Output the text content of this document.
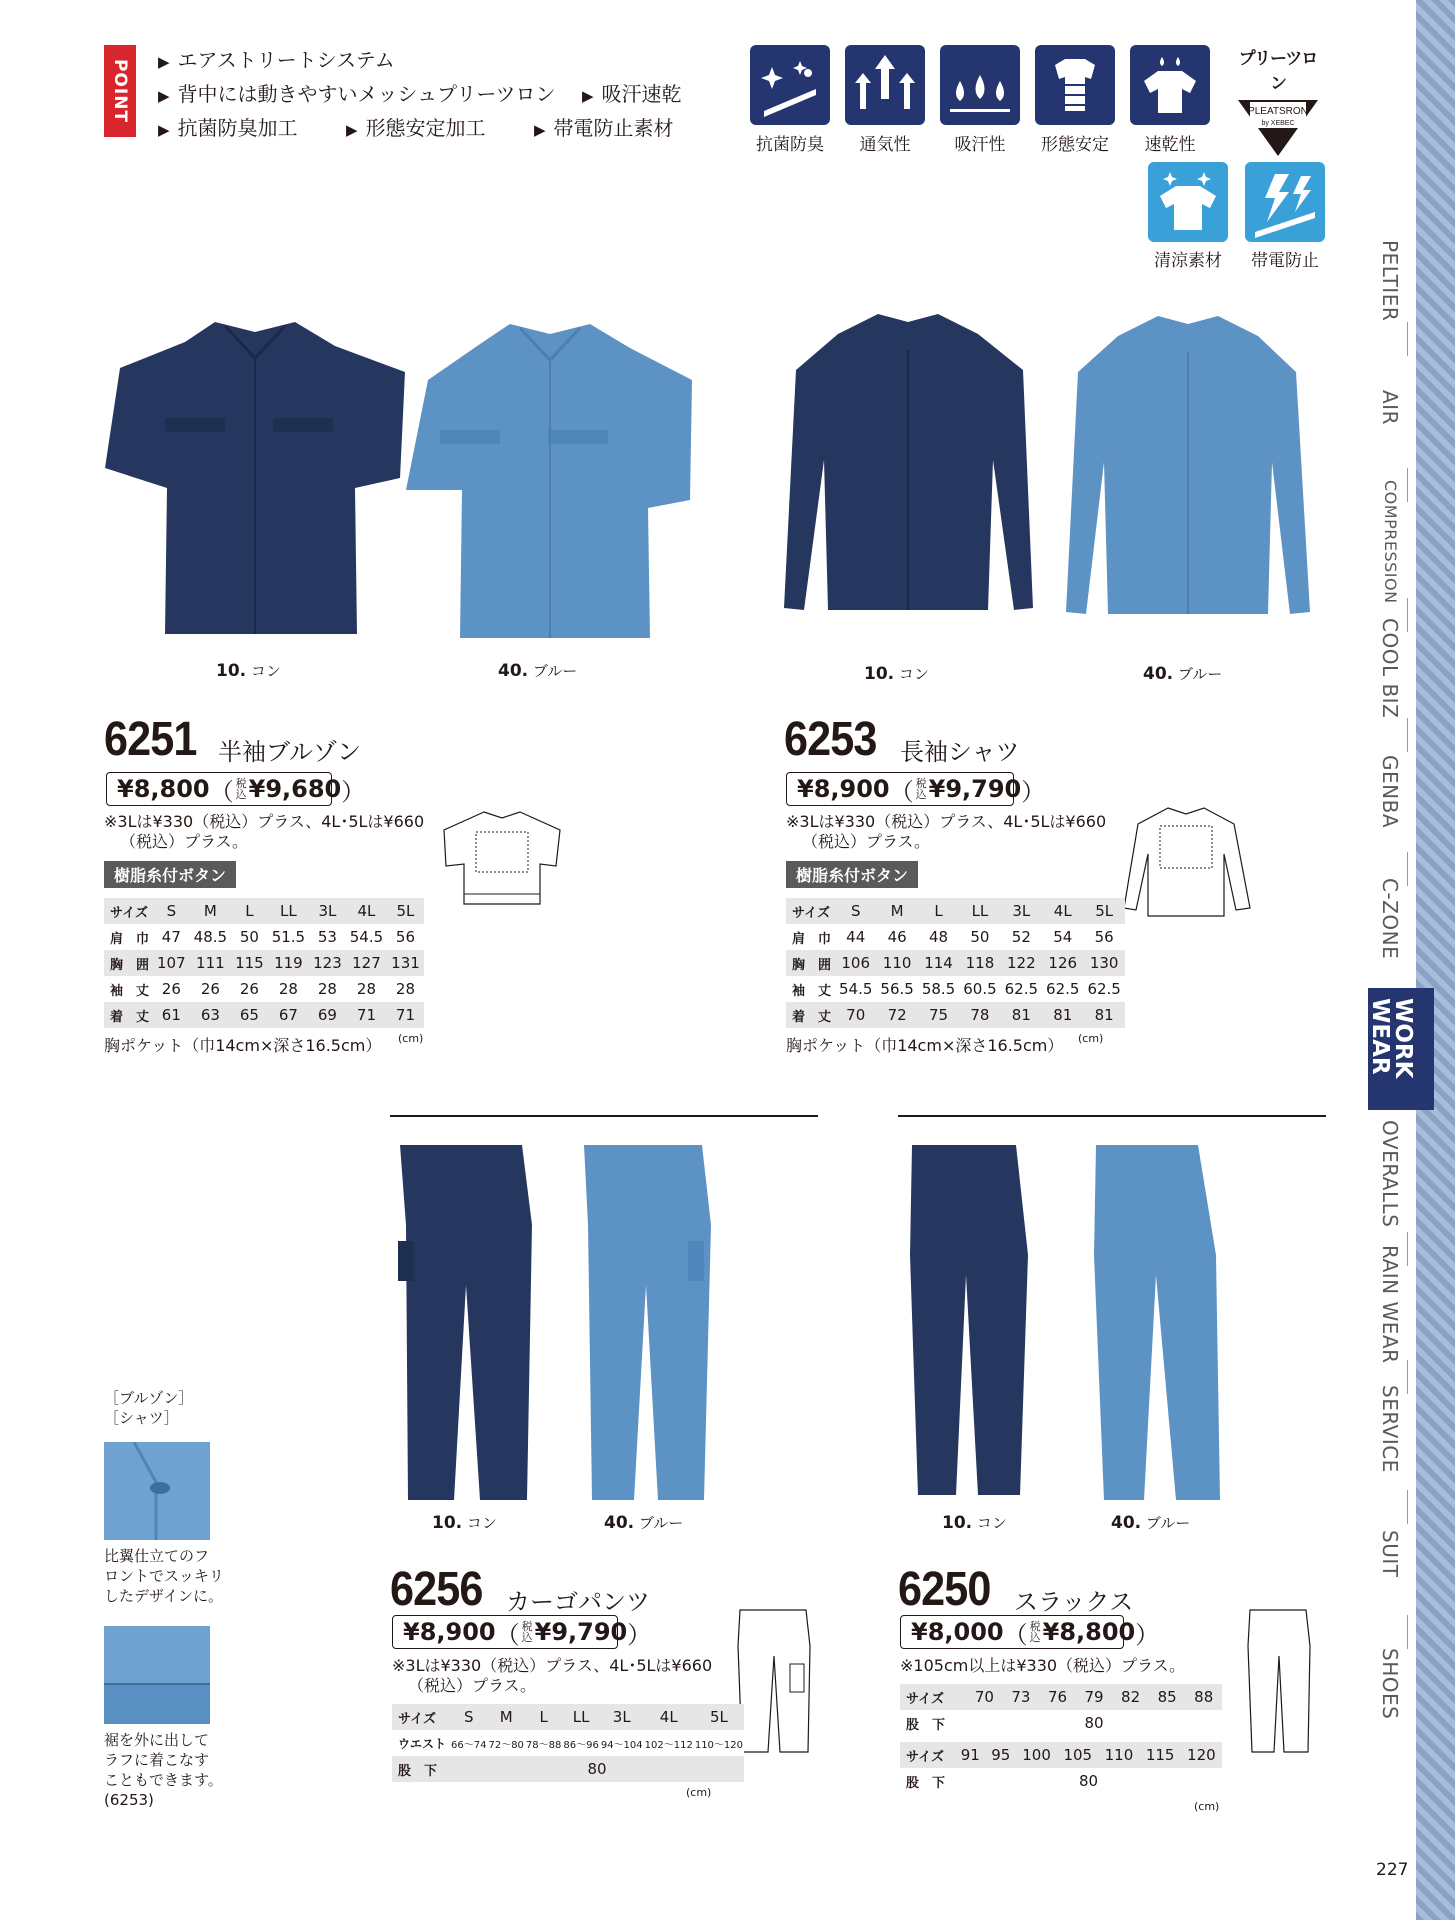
POINT ▶ エアストリートシステム
▶ 背中には動きやすいメッシュプリーツロン ▶ 吸汗速乾
▶ 抗菌防臭加工	▶ 形態安定加工	▶ 帯電防止素材
抗菌防臭	通気性	吸汗性	形態安定	速乾性
清涼素材	帯電防止
プリーツロン
PLEATSRON
by XEBEC
PELTIER
AIR
COMPRESSION
COOL BIZ
GENBA
C-ZONE
WORK
WEAR
OVERALLS
RAIN WEAR
SERVICE
SUIT
SHOES
10. コン	40. ブルー	10. コン	40. ブルー
10. コン	40. ブルー	10. コン	40. ブルー
6251 半袖ブルゾン
¥8,800 （ 税
込 ¥9,680 ）
※3Lは¥330（税込）プラス、4L･5Lは¥660
（税込）プラス。
樹脂糸付ボタン
サイズ	S	M	L	LL	3L	4L	5L
肩　巾	47	48.5	50	51.5	53	54.5	56
胸　囲	107	111	115	119	123	127	131
袖　丈	26	26	26	28	28	28	28
着　丈	61	63	65	67	69	71	71
(cm)
胸ポケット（巾14cm×深さ16.5cm）
6253 長袖シャツ
¥8,900 （ 税
込 ¥9,790 ）
※3Lは¥330（税込）プラス、4L･5Lは¥660
（税込）プラス。
樹脂糸付ボタン
サイズ	S	M	L	LL	3L	4L	5L
肩　巾	44	46	48	50	52	54	56
胸　囲	106	110	114	118	122	126	130
袖　丈	54.5	56.5	58.5	60.5	62.5	62.5	62.5
着　丈	70	72	75	78	81	81	81
(cm)
胸ポケット（巾14cm×深さ16.5cm）
6256 カーゴパンツ
¥8,900 （ 税
込 ¥9,790 ）
※3Lは¥330（税込）プラス、4L･5Lは¥660
（税込）プラス。
サイズ	S	M	L	LL	3L	4L	5L
ウエスト	66〜74	72〜80	78〜88	86〜96	94〜104	102〜112	110〜120
股　下	80						
(cm)
6250 スラックス
¥8,000 （ 税
込 ¥8,800 ）
※105cm以上は¥330（税込）プラス。
サイズ	70	73	76	79	82	85	88
股　下	80						
サイズ	91	95	100	105	110	115	120
股　下	80						
(cm)
［ブルゾン］
［シャツ］
比翼仕立てのフ
ロントでスッキリ
したデザインに。
裾を外に出して
ラフに着こなす
こともできます。
(6253)
227
